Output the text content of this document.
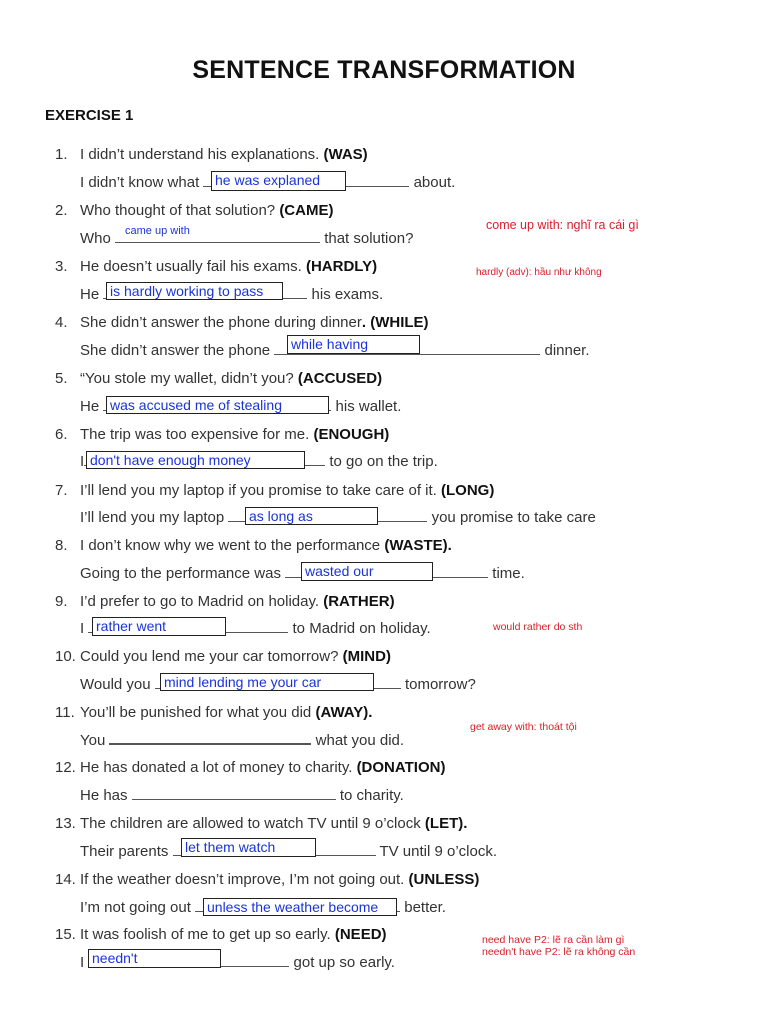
SENTENCE TRANSFORMATION
EXERCISE 1
1. I didn’t understand his explanations. (WAS)
I didn’t know what	about.
he was explaned
2. Who thought of that solution? (CAME)
Who	that solution?
came up with	come up with: nghĩ ra cái gì
3. He doesn’t usually fail his exams. (HARDLY)
He	his exams.
is hardly working to pass
hardly (adv): hầu như không
4. She didn’t answer the phone during dinner. (WHILE)
She didn’t answer the phone	dinner.
while having
5. “You stole my wallet, didn’t you? (ACCUSED)
He	his wallet.
was accused me of stealing
6. The trip was too expensive for me. (ENOUGH)
I	to go on the trip.
don't have enough money
7. I’ll lend you my laptop if you promise to take care of it. (LONG)
I’ll lend you my laptop	you promise to take care
as long as
8. I don’t know why we went to the performance (WASTE).
Going to the performance was	time.
wasted our
9. I’d prefer to go to Madrid on holiday. (RATHER)
I	to Madrid on holiday.
rather went	would rather do sth
10. Could you lend me your car tomorrow? (MIND)
Would you	tomorrow?
mind lending me your car
11. You’ll be punished for what you did (AWAY).
You	what you did.
get away with: thoát tội
12. He has donated a lot of money to charity. (DONATION)
He has	to charity.
13. The children are allowed to watch TV until 9 o’clock (LET).
Their parents	TV until 9 o’clock.
let them watch
14. If the weather doesn’t improve, I’m not going out. (UNLESS)
I’m not going out	better.
unless the weather become
15. It was foolish of me to get up so early. (NEED)
I	got up so early.
needn't
need have P2: lẽ ra cần làm gì
needn't have P2: lẽ ra không cần
